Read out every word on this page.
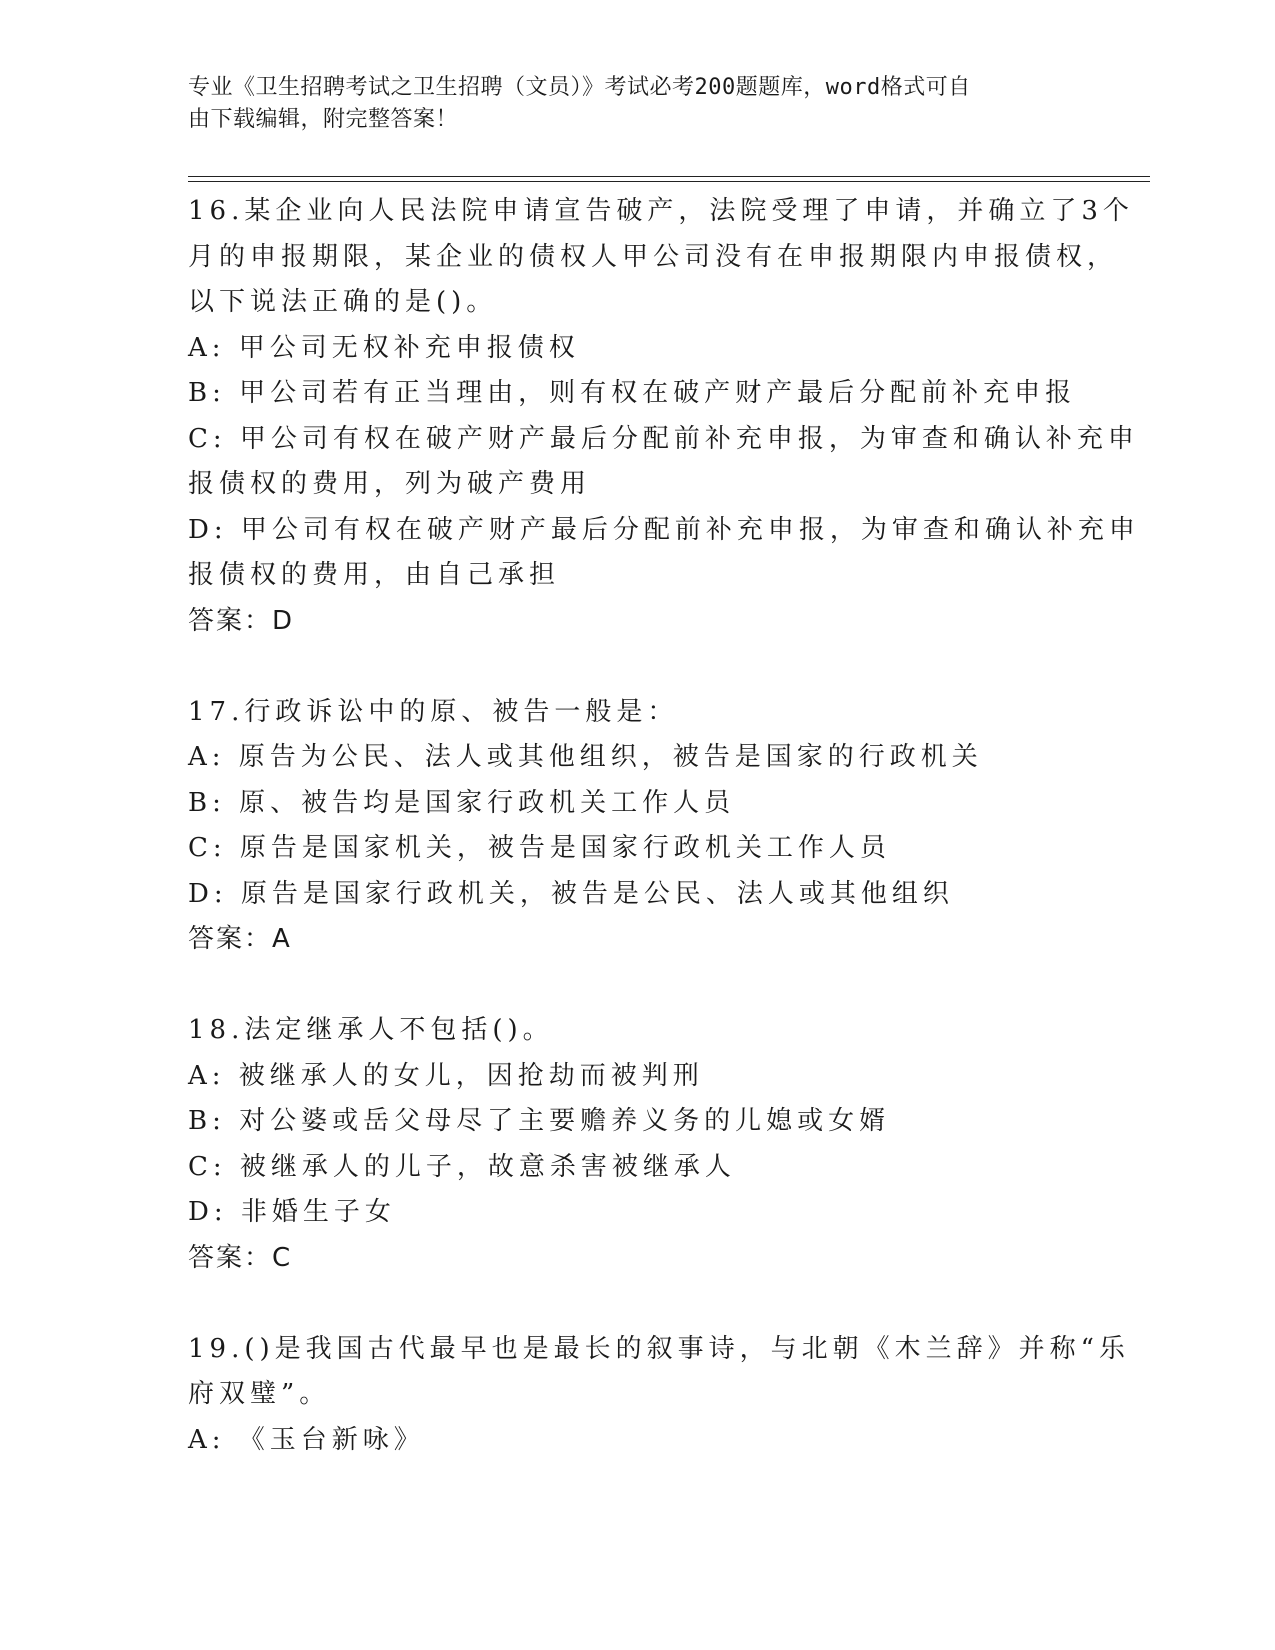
专业《卫生招聘考试之卫生招聘（文员）》考试必考200题题库，word格式可自
由下载编辑，附完整答案！
16.某企业向人民法院申请宣告破产，法院受理了申请，并确立了3个
月的申报期限，某企业的债权人甲公司没有在申报期限内申报债权，
以下说法正确的是()。
A: 甲公司无权补充申报债权
B: 甲公司若有正当理由，则有权在破产财产最后分配前补充申报
C: 甲公司有权在破产财产最后分配前补充申报，为审查和确认补充申
报债权的费用，列为破产费用
D: 甲公司有权在破产财产最后分配前补充申报，为审查和确认补充申
报债权的费用，由自己承担
答案：D
17.行政诉讼中的原、被告一般是：
A: 原告为公民、法人或其他组织，被告是国家的行政机关
B: 原、被告均是国家行政机关工作人员
C: 原告是国家机关，被告是国家行政机关工作人员
D: 原告是国家行政机关，被告是公民、法人或其他组织
答案：A
18.法定继承人不包括()。
A: 被继承人的女儿，因抢劫而被判刑
B: 对公婆或岳父母尽了主要赡养义务的儿媳或女婿
C: 被继承人的儿子，故意杀害被继承人
D: 非婚生子女
答案：C
19.()是我国古代最早也是最长的叙事诗，与北朝《木兰辞》并称“乐
府双璧”。
A: 《玉台新咏》
